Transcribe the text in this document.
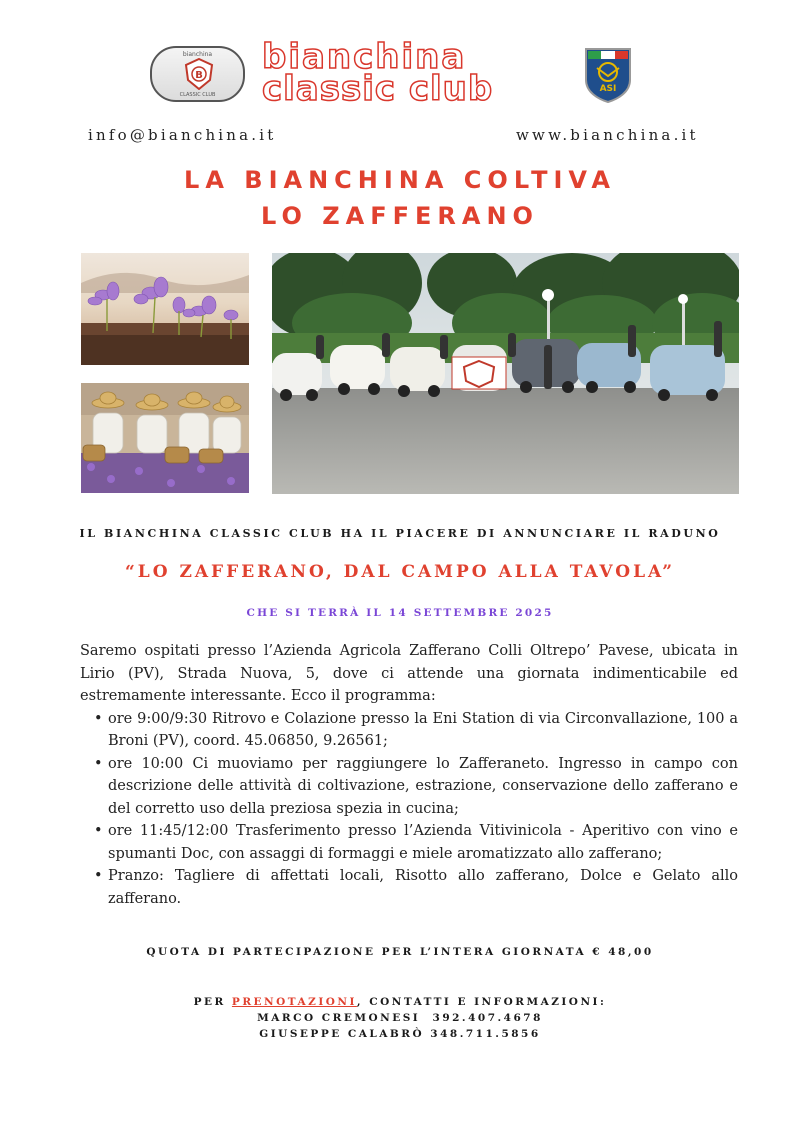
bianchina
B
CLASSIC CLUB
bianchina
classic club	ASI
info@bianchina.it	www.bianchina.it
LA BIANCHINA COLTIVA
LO ZAFFERANO
IL BIANCHINA CLASSIC CLUB HA IL PIACERE DI ANNUNCIARE IL RADUNO
“LO ZAFFERANO, DAL CAMPO ALLA TAVOLA”
CHE SI TERRÀ IL 14 SETTEMBRE 2025

Saremo ospitati presso l’Azienda Agricola Zafferano Colli Oltrepo’ Pavese, ubicata in Lirio (PV), Strada Nuova, 5, dove ci attende una giornata indimenticabile ed estremamente interessante. Ecco il programma:

• ore 9:00/9:30 Ritrovo e Colazione presso la Eni Station di via Circonvallazione, 100 a Broni (PV), coord. 45.06850, 9.26561;
• ore 10:00 Ci muoviamo per raggiungere lo Zafferaneto. Ingresso in campo con descrizione delle attività di coltivazione, estrazione, conservazione dello zafferano e del corretto uso della preziosa spezia in cucina;
• ore 11:45/12:00 Trasferimento presso l’Azienda Vitivinicola - Aperitivo con vino e spumanti Doc, con assaggi di formaggi e miele aromatizzato allo zafferano;
• Pranzo: Tagliere di affettati locali, Risotto allo zafferano, Dolce e Gelato allo zafferano.
QUOTA DI PARTECIPAZIONE PER L’INTERA GIORNATA € 48,00
PER PRENOTAZIONI, CONTATTI E INFORMAZIONI:
MARCO CREMONESI  392.407.4678
GIUSEPPE CALABRÒ 348.711.5856
